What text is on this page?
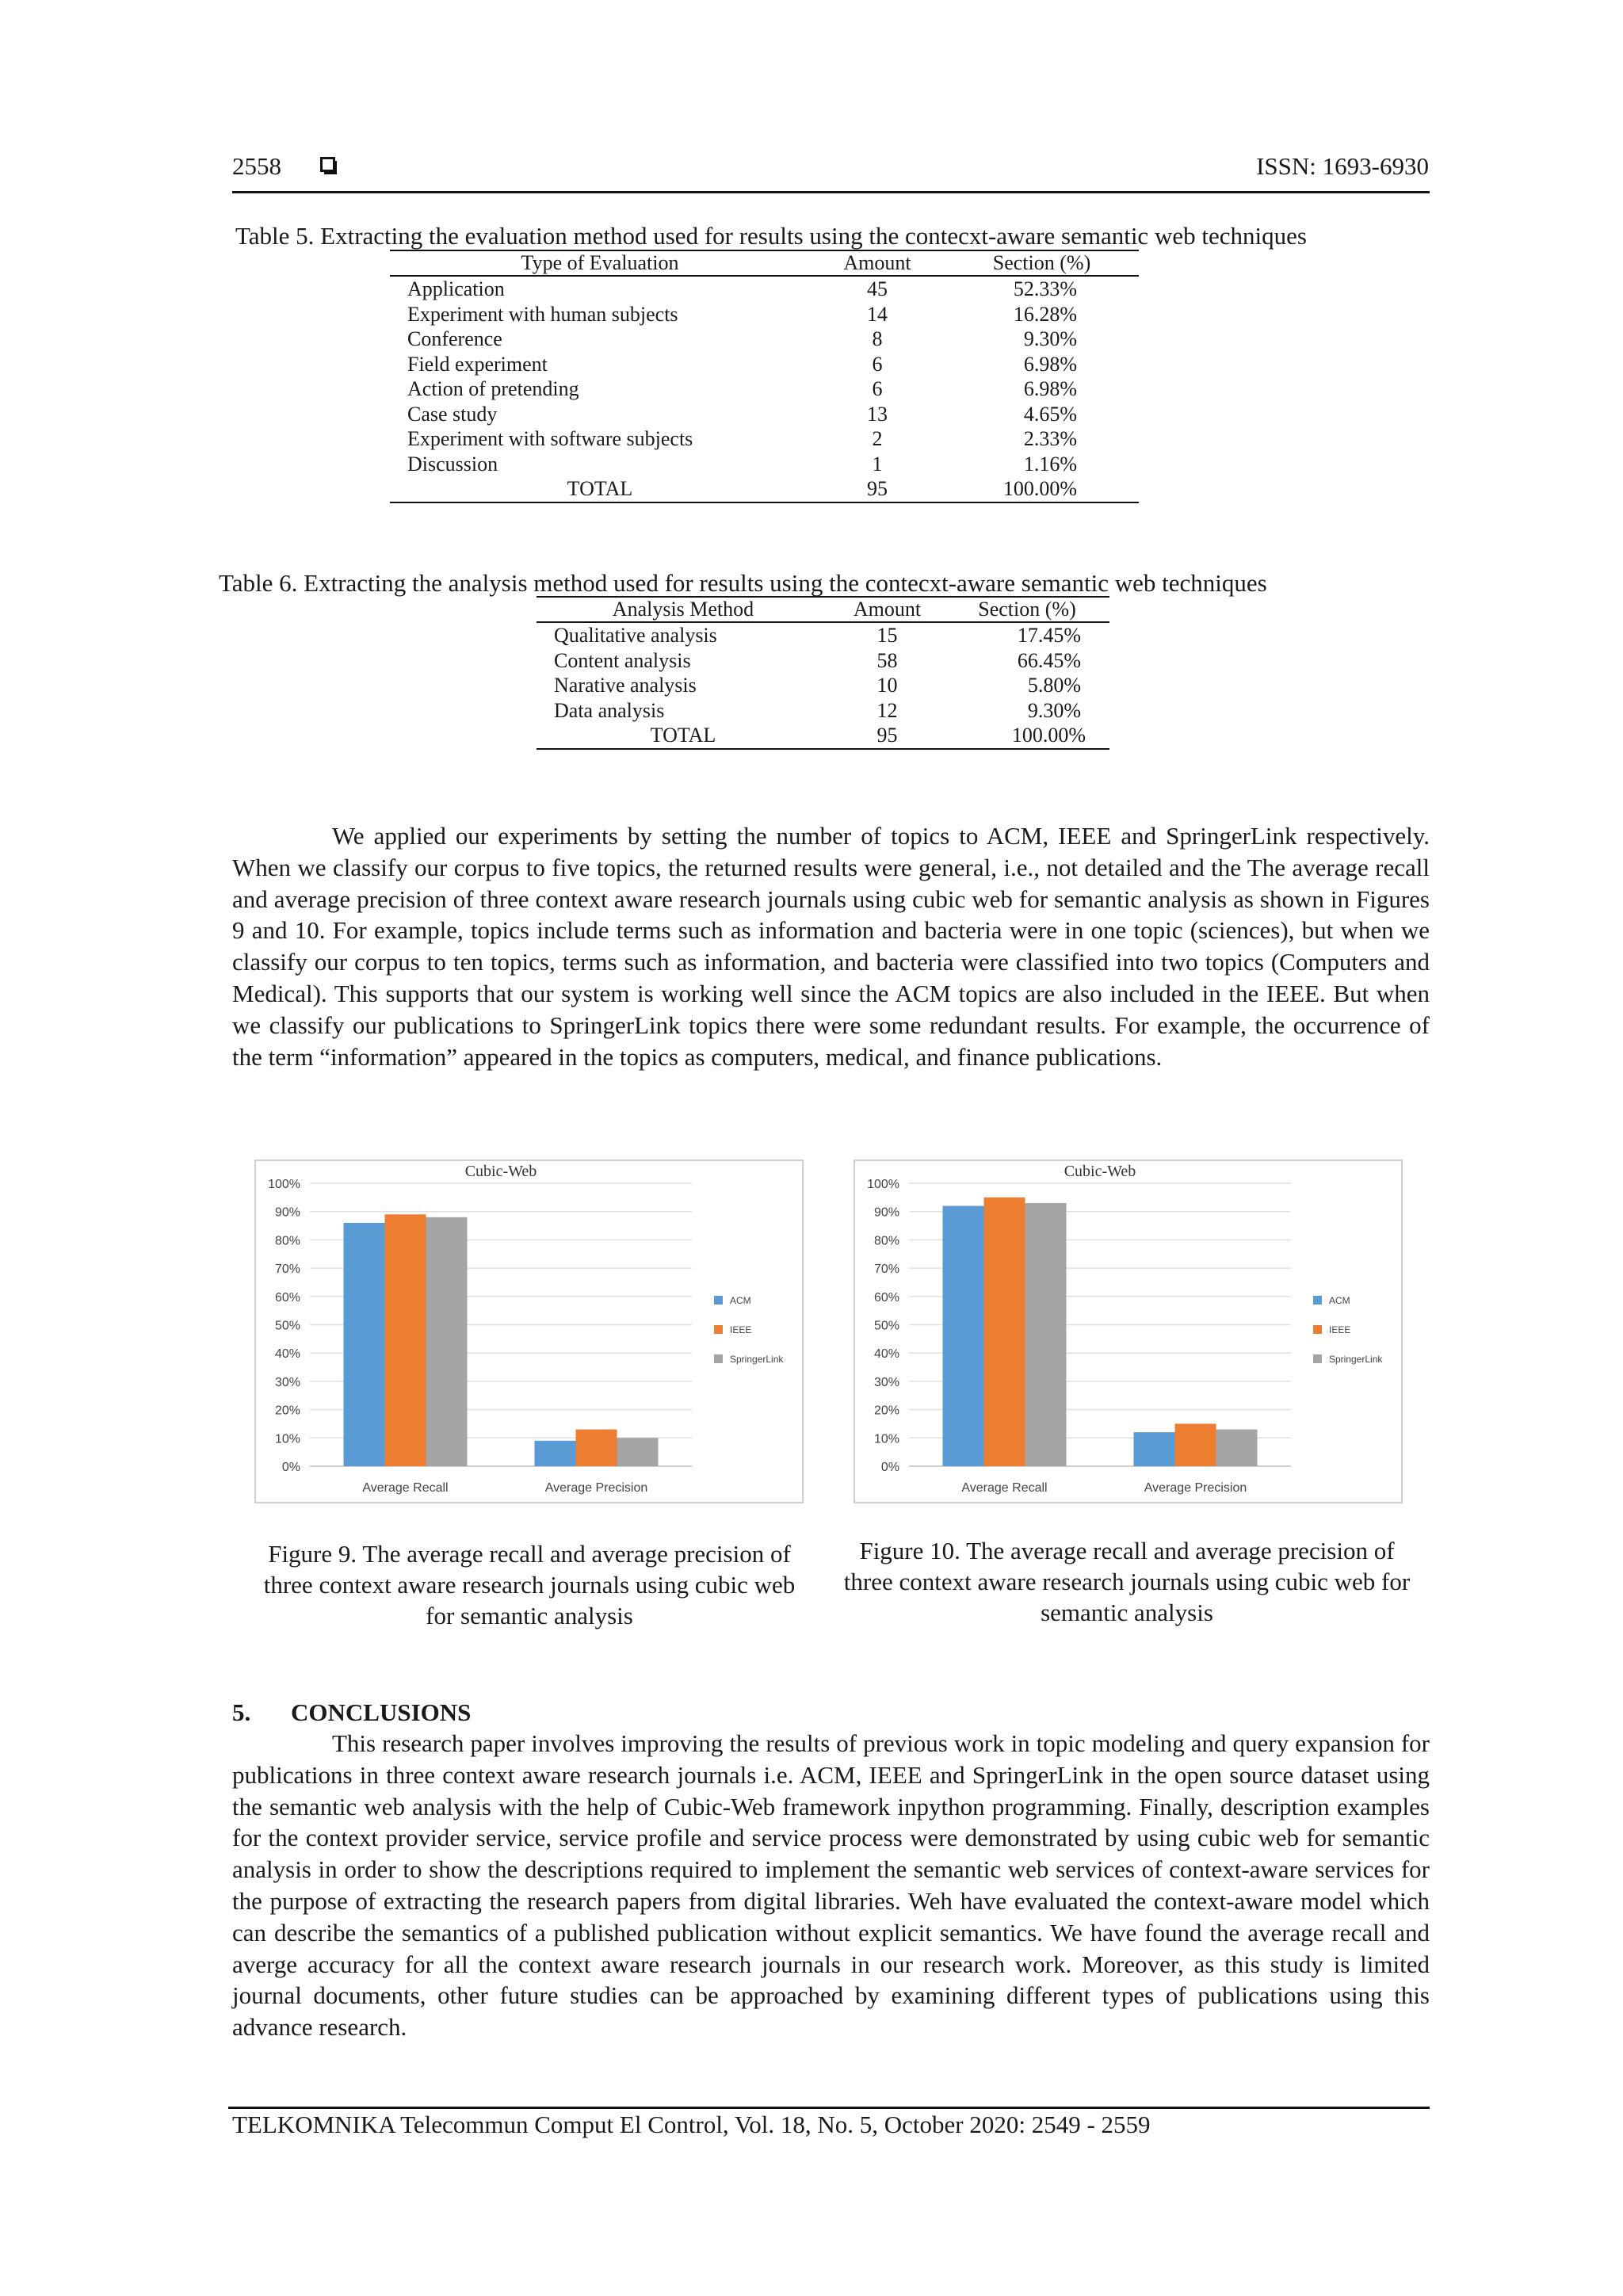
2558	ISSN: 1693-6930
Table 5. Extracting the evaluation method used for results using the contecxt-aware semantic web techniques
Type of Evaluation	Amount	Section (%)
Application	45	52.33%
Experiment with human subjects	14	16.28%
Conference	8	9.30%
Field experiment	6	6.98%
Action of pretending	6	6.98%
Case study	13	4.65%
Experiment with software subjects	2	2.33%
Discussion	1	1.16%
TOTAL	95	100.00%
Table 6. Extracting the analysis method used for results using the contecxt-aware semantic web techniques
Analysis Method	Amount	Section (%)
Qualitative analysis	15	17.45%
Content analysis	58	66.45%
Narative analysis	10	5.80%
Data analysis	12	9.30%
TOTAL	95	100.00%

We applied our experiments by setting the number of topics to ACM, IEEE and SpringerLink respectively. When we classify our corpus to five topics, the returned results were general, i.e., not detailed and the The average recall and average precision of three context aware research journals using cubic web for semantic analysis as shown in Figures 9 and 10. For example, topics include terms such as information and bacteria were in one topic (sciences), but when we classify our corpus to ten topics, terms such as information, and bacteria were classified into two topics (Computers and Medical). This supports that our system is working well since the ACM topics are also included in the IEEE. But when we classify our publications to SpringerLink topics there were some redundant results. For example, the occurrence of the term “information” appeared in the topics as computers, medical, and finance publications.

0%
10%
20%
30%
40%
50%
60%
70%
80%
90%
100%
Cubic-Web
Average Recall	Average Precision
ACM
IEEE
SpringerLink
0%
10%
20%
30%
40%
50%
60%
70%
80%
90%
100%
Cubic-Web
Average Recall	Average Precision
ACM
IEEE
SpringerLink
Figure 9. The average recall and average precision of three context aware research journals using cubic web for semantic analysis
Figure 10. The average recall and average precision of three context aware research journals using cubic web for semantic analysis
5. CONCLUSIONS

This research paper involves improving the results of previous work in topic modeling and query expansion for publications in three context aware research journals i.e. ACM, IEEE and SpringerLink in the open source dataset using the semantic web analysis with the help of Cubic-Web framework inpython programming. Finally, description examples for the context provider service, service profile and service process were demonstrated by using cubic web for semantic analysis in order to show the descriptions required to implement the semantic web services of context-aware services for the purpose of extracting the research papers from digital libraries. Weh have evaluated the context-aware model which can describe the semantics of a published publication without explicit semantics. We have found the average recall and averge accuracy for all the context aware research journals in our research work. Moreover, as this study is limited journal documents, other future studies can be approached by examining different types of publications using this advance research.

TELKOMNIKA Telecommun Comput El Control, Vol. 18, No. 5, October 2020: 2549 - 2559
